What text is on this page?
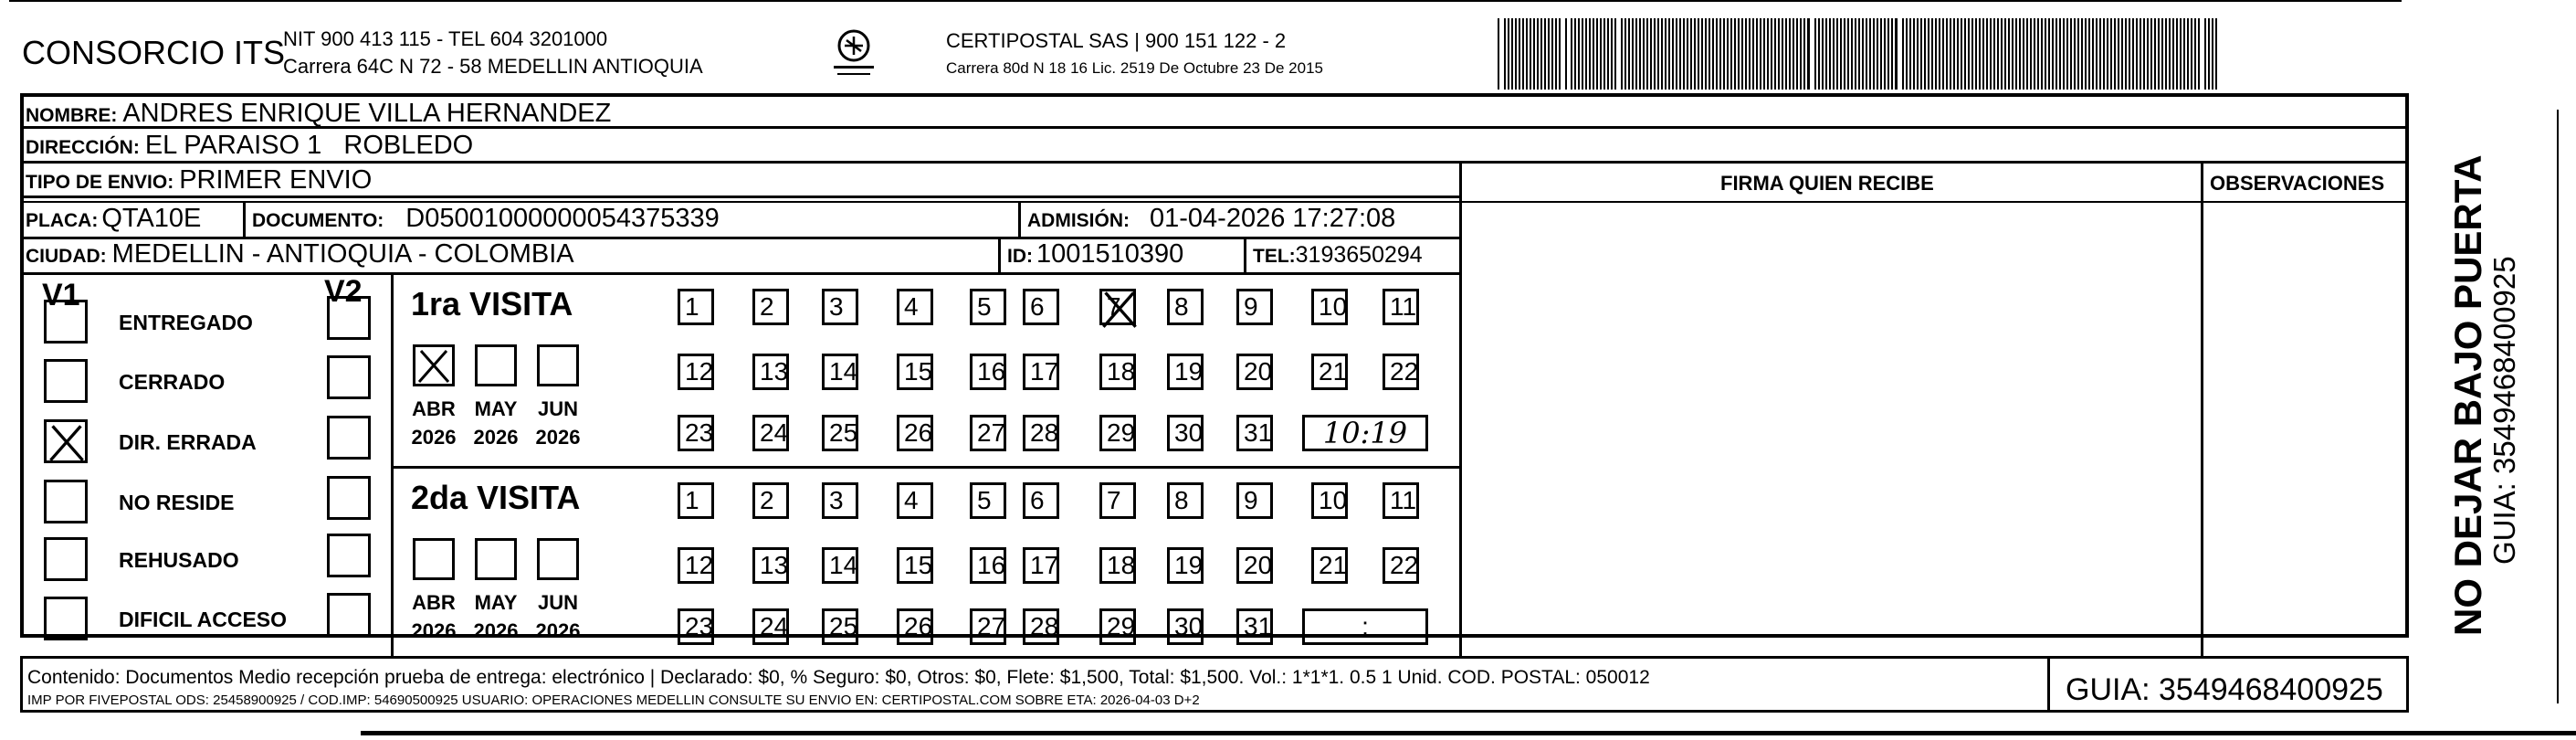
CONSORCIO ITS
NIT 900 413 115 - TEL 604 3201000
Carrera 64C N 72 - 58 MEDELLIN ANTIOQUIA
CERTIPOSTAL SAS | 900 151 122 - 2
Carrera 80d N 18 16 Lic. 2519 De Octubre 23 De 2015
NOMBRE: ANDRES ENRIQUE VILLA HERNANDEZ
DIRECCIÓN: EL PARAISO 1   ROBLEDO
TIPO DE ENVIO: PRIMER ENVIO
PLACA: QTA10E	DOCUMENTO: D05001000000054375339	ADMISIÓN: 01-04-2026 17:27:08
CIUDAD: MEDELLIN - ANTIOQUIA - COLOMBIA	ID: 1001510390	TEL:3193650294
FIRMA QUIEN RECIBE	OBSERVACIONES
V1	V2
ENTREGADO
CERRADO
DIR. ERRADA
NO RESIDE
REHUSADO
DIFICIL ACCESO
1ra VISITA
ABR
2026
MAY
2026
JUN
2026
1	2	3	4	5	6	7	8	9	10 11
12 13 14 15 16 17 18 19 20 21 22
23 24 25 26 27 28 29 30 31	10:19
2da VISITA
ABR
2026
MAY
2026
JUN
2026
1	2	3	4	5	6	7	8	9	10 11
12 13 14 15 16 17 18 19 20 21 22
23 24 25 26 27 28 29 30 31	:
Contenido: Documentos Medio recepción prueba de entrega: electrónico | Declarado: $0, % Seguro: $0, Otros: $0, Flete: $1,500, Total: $1,500. Vol.: 1*1*1. 0.5 1 Unid. COD. POSTAL: 050012
IMP POR FIVEPOSTAL ODS: 25458900925 / COD.IMP: 54690500925 USUARIO: OPERACIONES MEDELLIN CONSULTE SU ENVIO EN: CERTIPOSTAL.COM SOBRE ETA: 2026-04-03 D+2	GUIA: 3549468400925
NO DEJAR BAJO PUERTA
GUIA: 3549468400925
